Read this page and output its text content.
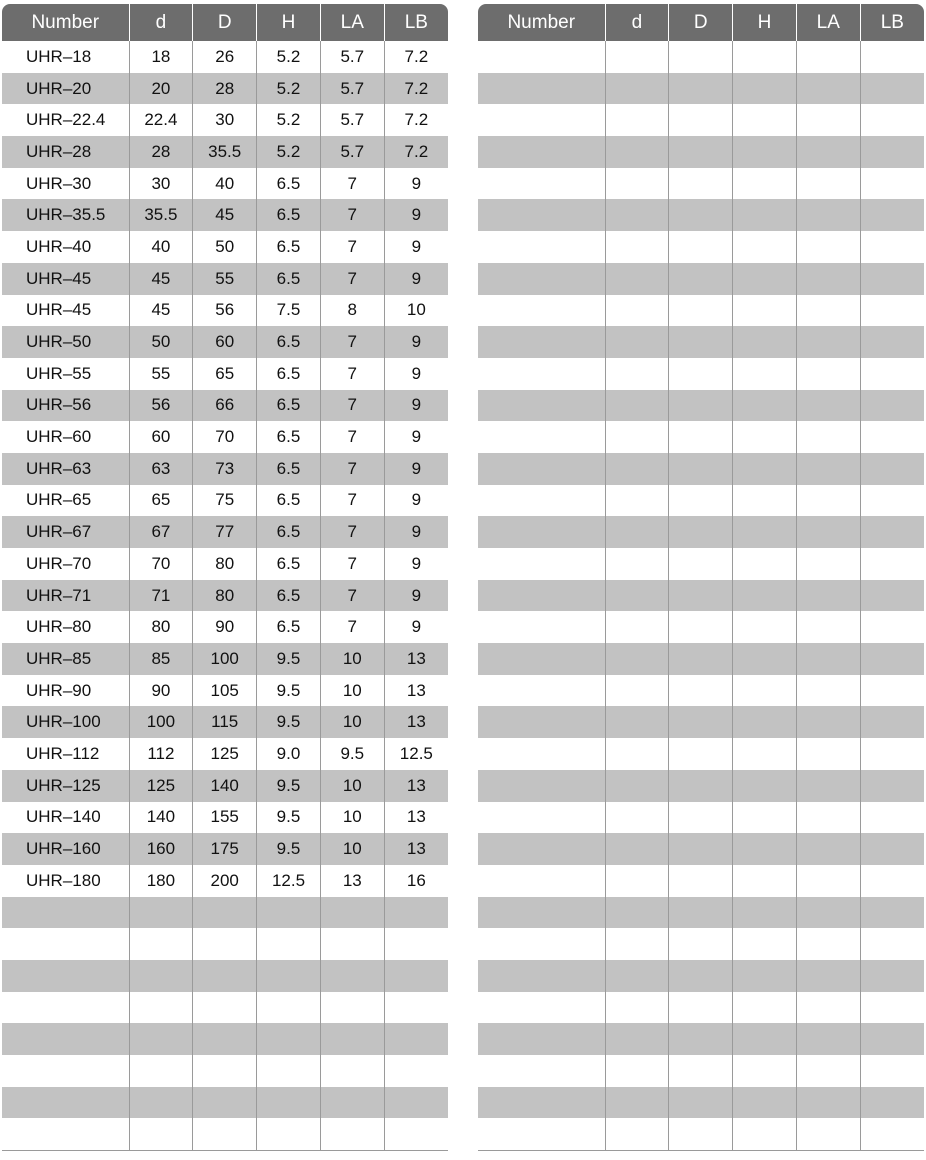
Number	d	D	H	LA	LB
UHR–18	18	26	5.2	5.7	7.2
UHR–20	20	28	5.2	5.7	7.2
UHR–22.4	22.4	30	5.2	5.7	7.2
UHR–28	28	35.5	5.2	5.7	7.2
UHR–30	30	40	6.5	7	9
UHR–35.5	35.5	45	6.5	7	9
UHR–40	40	50	6.5	7	9
UHR–45	45	55	6.5	7	9
UHR–45	45	56	7.5	8	10
UHR–50	50	60	6.5	7	9
UHR–55	55	65	6.5	7	9
UHR–56	56	66	6.5	7	9
UHR–60	60	70	6.5	7	9
UHR–63	63	73	6.5	7	9
UHR–65	65	75	6.5	7	9
UHR–67	67	77	6.5	7	9
UHR–70	70	80	6.5	7	9
UHR–71	71	80	6.5	7	9
UHR–80	80	90	6.5	7	9
UHR–85	85	100	9.5	10	13
UHR–90	90	105	9.5	10	13
UHR–100	100	115	9.5	10	13
UHR–112	112	125	9.0	9.5	12.5
UHR–125	125	140	9.5	10	13
UHR–140	140	155	9.5	10	13
UHR–160	160	175	9.5	10	13
UHR–180	180	200	12.5	13	16

Number	d	D	H	LA	LB
